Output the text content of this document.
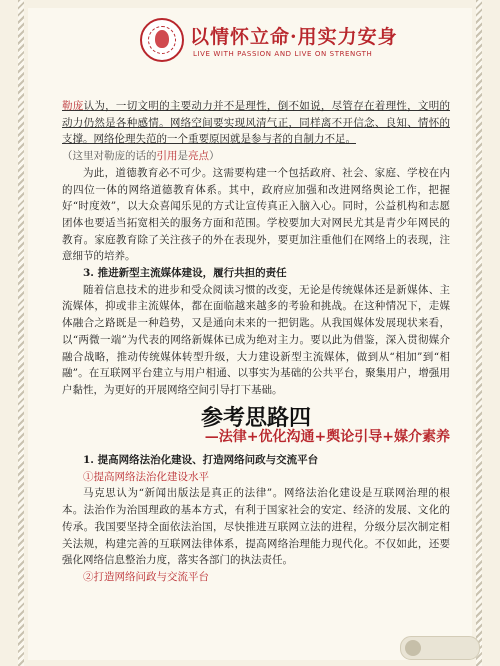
以情怀立命·用实力安身
LIVE WITH PASSION AND LIVE ON STRENGTH

勒庞认为，一切文明的主要动力并不是理性，倒不如说，尽管存在着理性，文明的动力仍然是各种感情。网络空间要实现风清气正，同样离不开信念、良知、情怀的支撑。网络伦理失范的一个重要原因就是参与者的自制力不足。

（这里对勒庞的话的引用是亮点）

为此，道德教育必不可少。这需要构建一个包括政府、社会、家庭、学校在内的四位一体的网络道德教育体系。其中，政府应加强和改进网络舆论工作，把握好“时度效”，以大众喜闻乐见的方式让宣传真正入脑入心。同时，公益机构和志愿团体也要适当拓宽相关的服务方面和范围。学校要加大对网民尤其是青少年网民的教育。家庭教育除了关注孩子的外在表现外，要更加注重他们在网络上的表现，注意细节的培养。

3. 推进新型主流媒体建设，履行共担的责任

随着信息技术的进步和受众阅读习惯的改变，无论是传统媒体还是新媒体、主流媒体，抑或非主流媒体，都在面临越来越多的考验和挑战。在这种情况下，走媒体融合之路既是一种趋势，又是通向未来的一把钥匙。从我国媒体发展现状来看，以“两微一端”为代表的网络新媒体已成为绝对主力。要以此为借鉴，深入贯彻媒介融合战略，推动传统媒体转型升级，大力建设新型主流媒体，做到从“相加”到“相融”。在互联网平台建立与用户相通、以事实为基础的公共平台，聚集用户，增强用户黏性，为更好的开展网络空间引导打下基础。

参考思路四
—法律+优化沟通+舆论引导+媒介素养

1. 提高网络法治化建设、打造网络问政与交流平台

①提高网络法治化建设水平

马克思认为“新闻出版法是真正的法律”。网络法治化建设是互联网治理的根本。法治作为治国理政的基本方式，有利于国家社会的安定、经济的发展、文化的传承。我国要坚持全面依法治国，尽快推进互联网立法的进程，分级分层次制定相关法规，构建完善的互联网法律体系，提高网络治理能力现代化。不仅如此，还要强化网络信息整治力度，落实各部门的执法责任。

②打造网络问政与交流平台
